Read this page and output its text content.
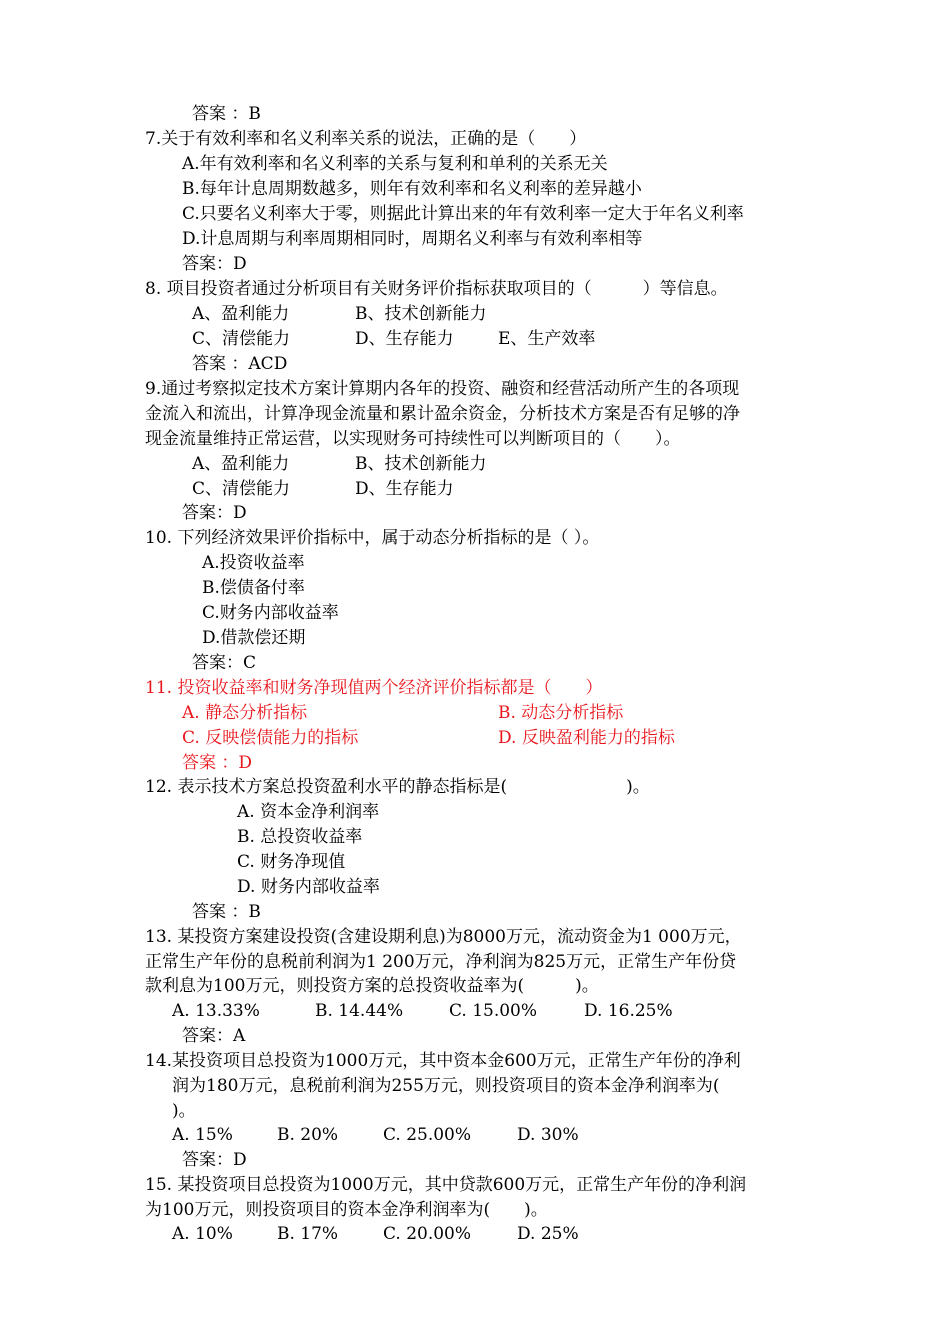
答案 ：B
7.关于有效利率和名义利率关系的说法，正确的是（　　）
A.年有效利率和名义利率的关系与复利和单利的关系无关
B.每年计息周期数越多，则年有效利率和名义利率的差异越小
C.只要名义利率大于零，则据此计算出来的年有效利率一定大于年名义利率
D.计息周期与利率周期相同时，周期名义利率与有效利率相等
答案：D
8. 项目投资者通过分析项目有关财务评价指标获取项目的（　　　）等信息。
A、盈利能力	B、技术创新能力
C、清偿能力	D、生存能力	E、生产效率
答案 ：ACD
9.通过考察拟定技术方案计算期内各年的投资、融资和经营活动所产生的各项现
金流入和流出，计算净现金流量和累计盈余资金，分析技术方案是否有足够的净
现金流量维持正常运营，以实现财务可持续性可以判断项目的（　　）。
A、盈利能力	B、技术创新能力
C、清偿能力	D、生存能力
答案：D
10. 下列经济效果评价指标中，属于动态分析指标的是（ ）。
A.投资收益率
B.偿债备付率
C.财务内部收益率
D.借款偿还期
答案：C
11. 投资收益率和财务净现值两个经济评价指标都是（　　）
A. 静态分析指标	B. 动态分析指标
C. 反映偿债能力的指标	D. 反映盈利能力的指标
答案 ：D
12. 表示技术方案总投资盈利水平的静态指标是(　　　　　　　)。
A. 资本金净利润率
B. 总投资收益率
C. 财务净现值
D. 财务内部收益率
答案 ：B
13. 某投资方案建设投资(含建设期利息)为8000万元，流动资金为1 000万元，
正常生产年份的息税前利润为1 200万元，净利润为825万元，正常生产年份贷
款利息为100万元，则投资方案的总投资收益率为(　　　)。
A. 13.33%	B. 14.44%	C. 15.00%	D. 16.25%
答案：A
14.某投资项目总投资为1000万元，其中资本金600万元，正常生产年份的净利
润为180万元，息税前利润为255万元，则投资项目的资本金净利润率为(
)。
A. 15%	B. 20%	C. 25.00%	D. 30%
答案：D
15. 某投资项目总投资为1000万元，其中贷款600万元，正常生产年份的净利润
为100万元，则投资项目的资本金净利润率为(　　)。
A. 10%	B. 17%	C. 20.00%	D. 25%
